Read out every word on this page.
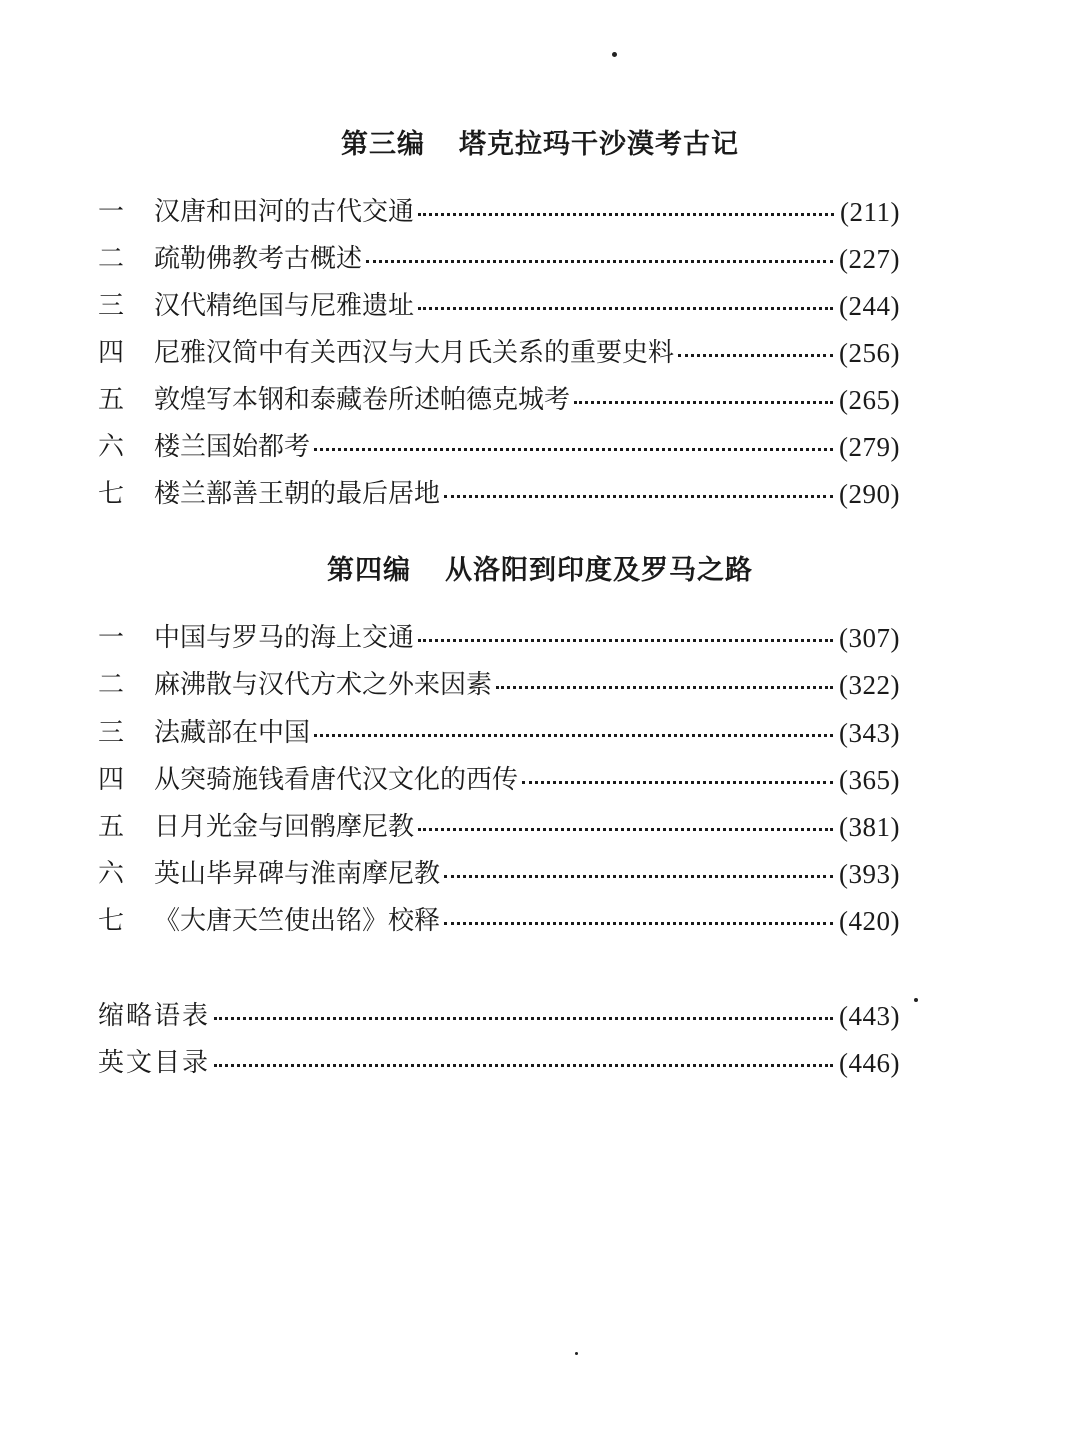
第三编 塔克拉玛干沙漠考古记
一	汉唐和田河的古代交通	(211)
二	疏勒佛教考古概述	(227)
三	汉代精绝国与尼雅遗址	(244)
四	尼雅汉简中有关西汉与大月氏关系的重要史料	(256)
五	敦煌写本钢和泰藏卷所述帕德克城考	(265)
六	楼兰国始都考	(279)
七	楼兰鄯善王朝的最后居地	(290)
第四编 从洛阳到印度及罗马之路
一	中国与罗马的海上交通	(307)
二	麻沸散与汉代方术之外来因素	(322)
三	法藏部在中国	(343)
四	从突骑施钱看唐代汉文化的西传	(365)
五	日月光金与回鹘摩尼教	(381)
六	英山毕昇碑与淮南摩尼教	(393)
七	《大唐天竺使出铭》校释	(420)
缩略语表	(443)
英文目录	(446)
